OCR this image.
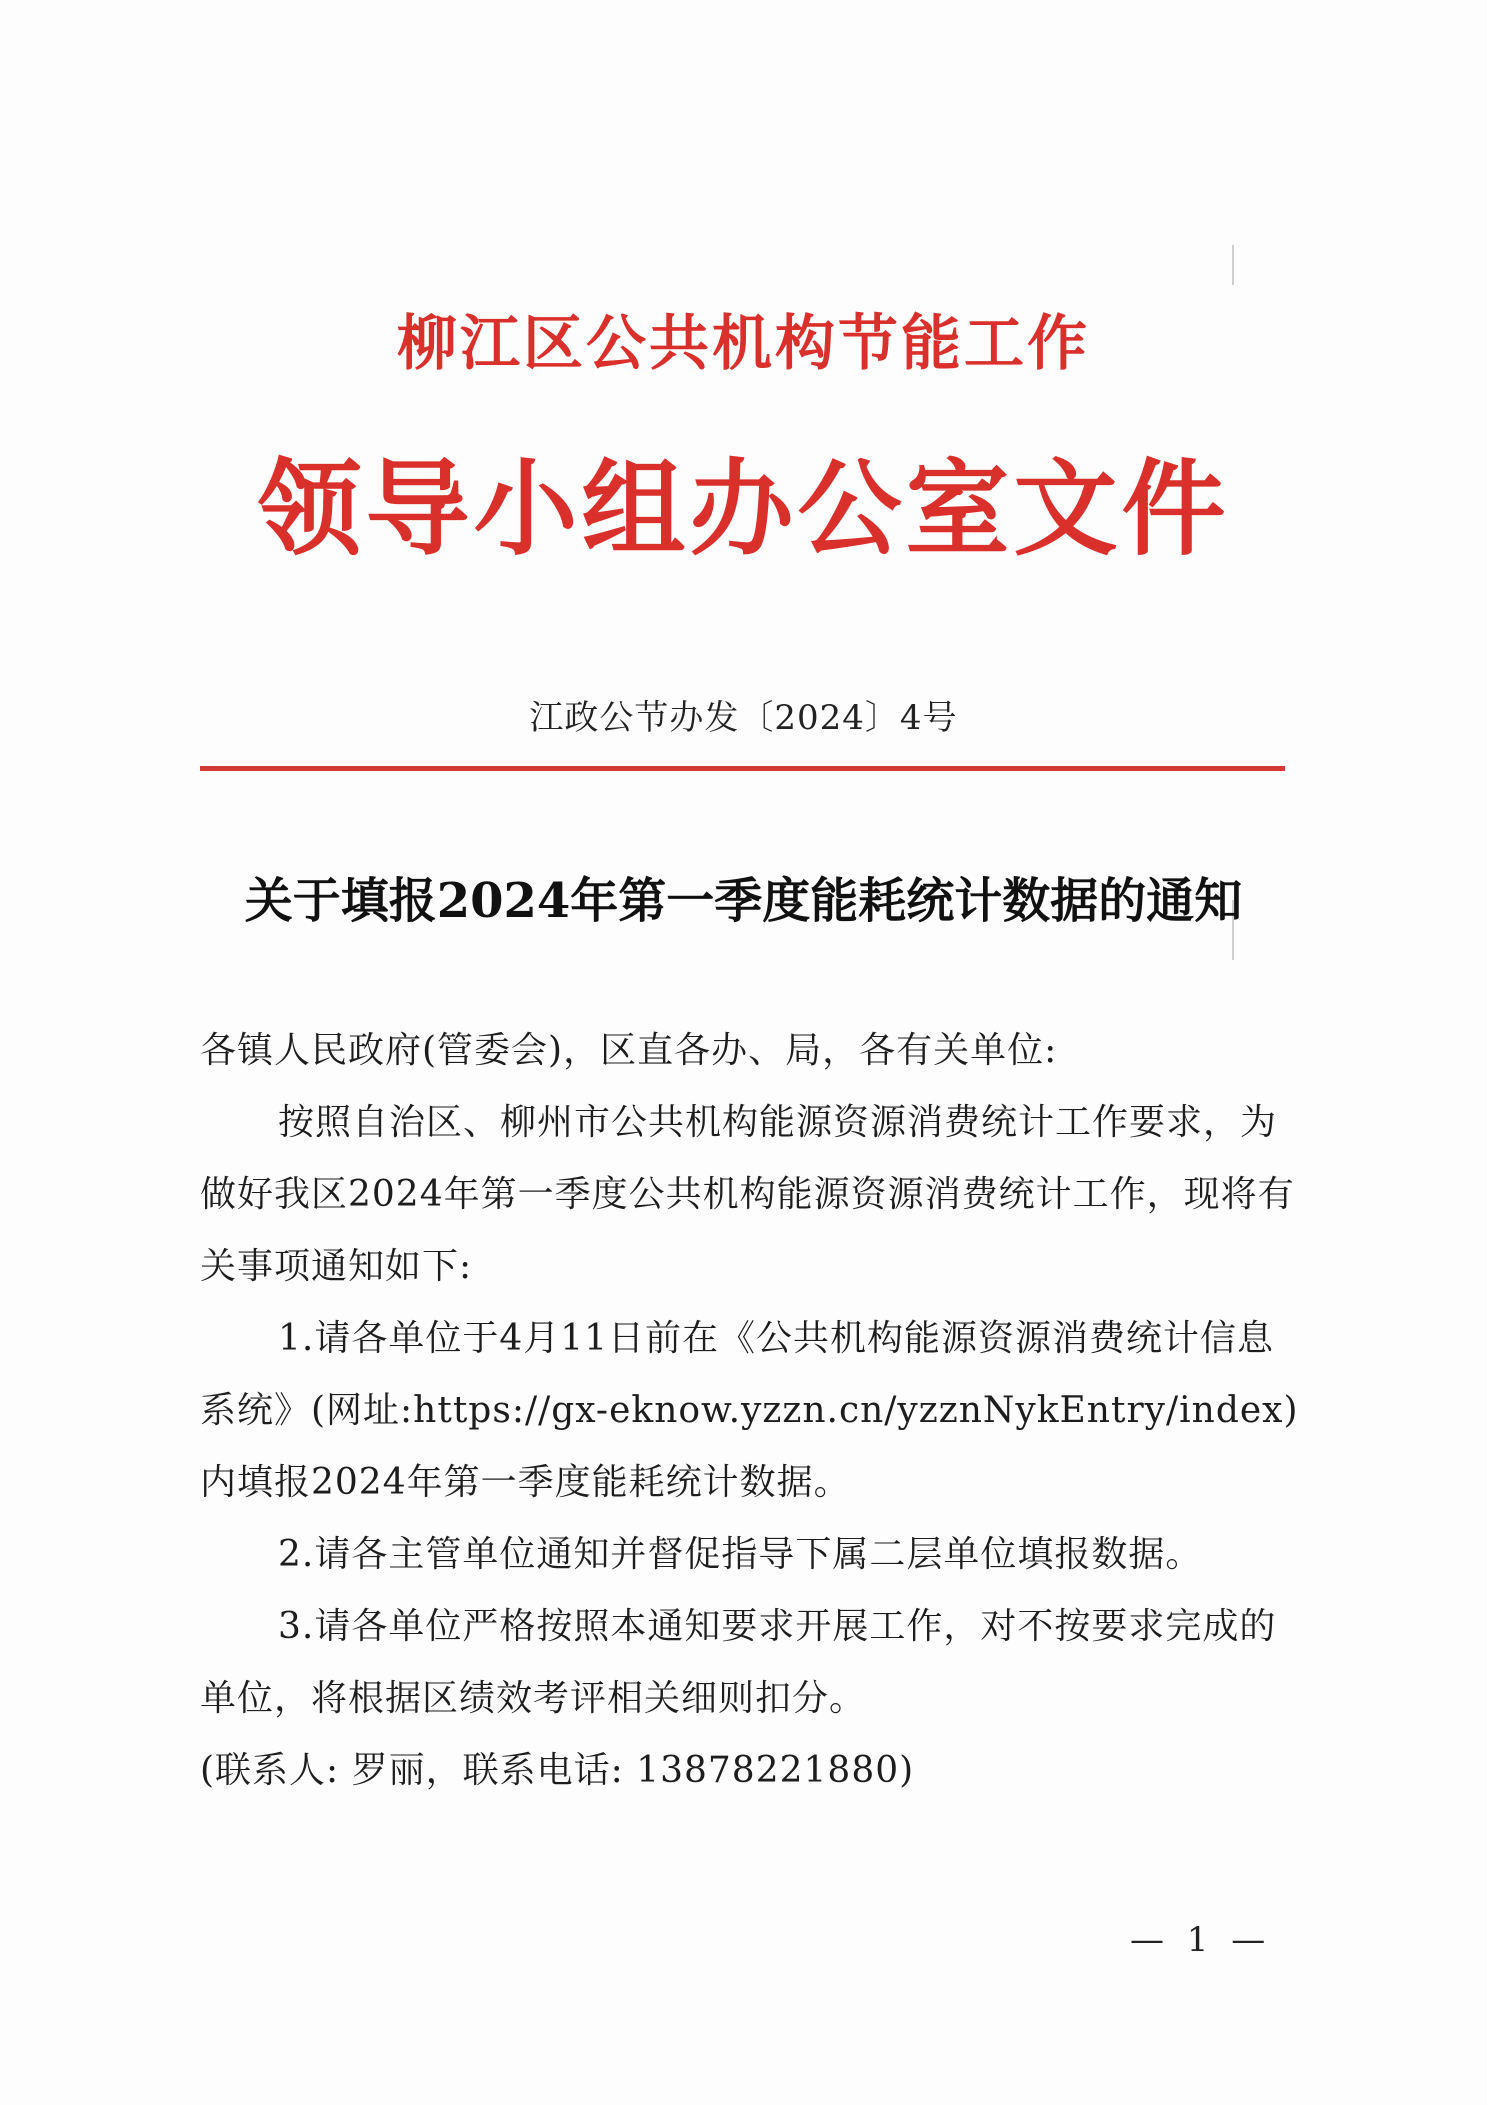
柳江区公共机构节能工作
领导小组办公室文件
江政公节办发〔2024〕4号
关于填报2024年第一季度能耗统计数据的通知

各镇人民政府(管委会)，区直各办、局，各有关单位:

按照自治区、柳州市公共机构能源资源消费统计工作要求，为做好我区2024年第一季度公共机构能源资源消费统计工作，现将有关事项通知如下:

1.请各单位于4月11日前在《公共机构能源资源消费统计信息系统》(网址:https://gx-eknow.yzzn.cn/yzznNykEntry/index)内填报2024年第一季度能耗统计数据。

2.请各主管单位通知并督促指导下属二层单位填报数据。

3.请各单位严格按照本通知要求开展工作，对不按要求完成的单位，将根据区绩效考评相关细则扣分。

(联系人: 罗丽，联系电话: 13878221880)

— 1 —
